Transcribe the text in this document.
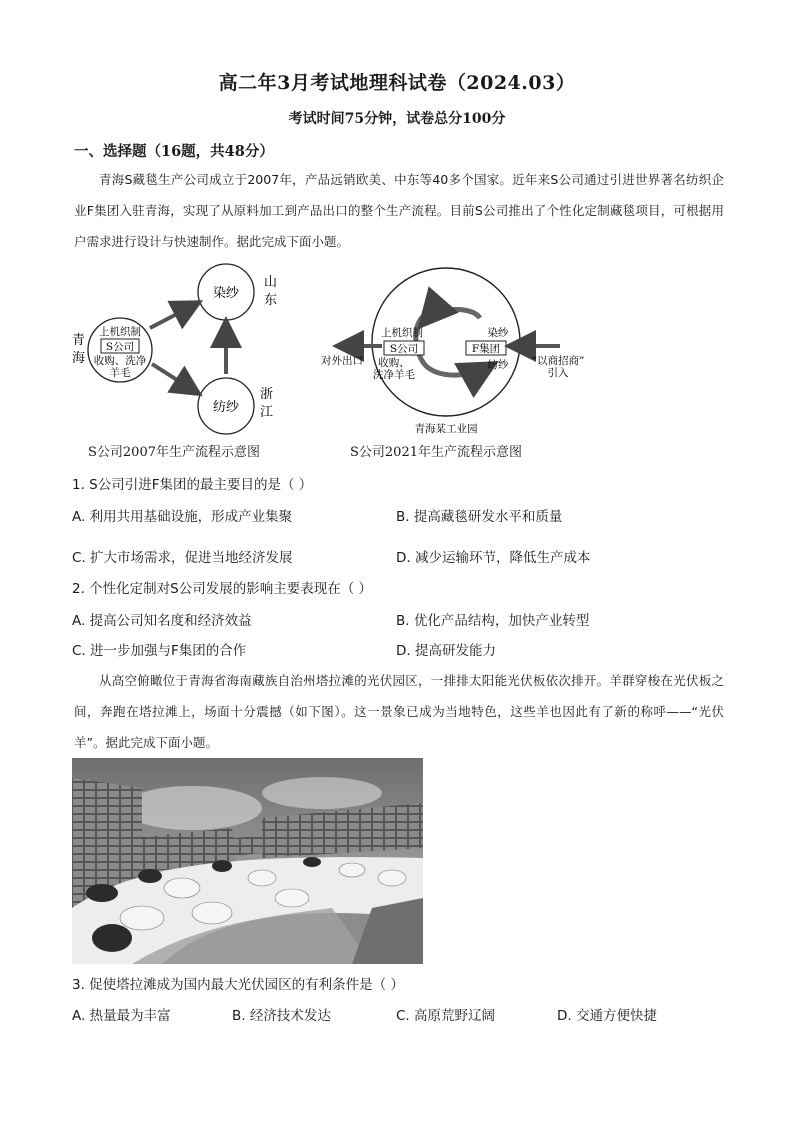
高二年3月考试地理科试卷（2024.03）
考试时间75分钟，试卷总分100分
一、选择题（16题，共48分）

青海S藏毯生产公司成立于2007年，产品远销欧美、中东等40多个国家。近年来S公司通过引进世界著名纺织企业F集团入驻青海，实现了从原料加工到产品出口的整个生产流程。目前S公司推出了个性化定制藏毯项目，可根据用户需求进行设计与快速制作。据此完成下面小题。

染纱
纺纱
上机织制
S公司
收购、洗净
羊毛
山
东
青
海
浙
江
S公司2007年生产流程示意图
上机织制
S公司
收购、
洗净羊毛
F集团
染纱
纺纱
对外出口	“以商招商”
引入
青海某工业园
S公司2021年生产流程示意图
1. S公司引进F集团的最主要目的是（ ）
A. 利用共用基础设施，形成产业集聚	B. 提高藏毯研发水平和质量
C. 扩大市场需求，促进当地经济发展	D. 减少运输环节，降低生产成本
2. 个性化定制对S公司发展的影响主要表现在（ ）
A. 提高公司知名度和经济效益	B. 优化产品结构，加快产业转型
C. 进一步加强与F集团的合作	D. 提高研发能力

从高空俯瞰位于青海省海南藏族自治州塔拉滩的光伏园区，一排排太阳能光伏板依次排开。羊群穿梭在光伏板之间，奔跑在塔拉滩上，场面十分震撼（如下图）。这一景象已成为当地特色，这些羊也因此有了新的称呼——“光伏羊”。据此完成下面小题。

3. 促使塔拉滩成为国内最大光伏园区的有利条件是（ ）
A. 热量最为丰富	B. 经济技术发达	C. 高原荒野辽阔	D. 交通方便快捷
